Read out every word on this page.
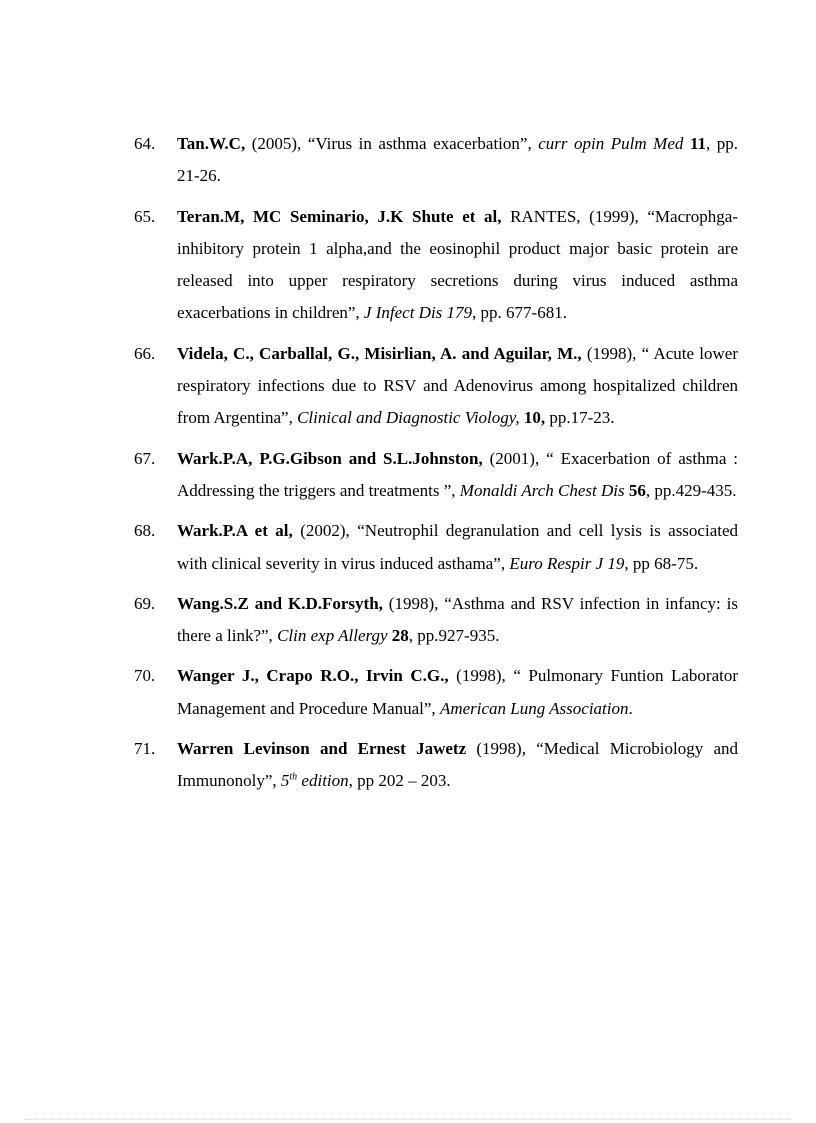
64.	Tan.W.C, (2005), “Virus in asthma exacerbation”, curr opin Pulm Med 11, pp. 21-26.
65.	Teran.M, MC Seminario, J.K Shute et al, RANTES, (1999), “Macrophga-inhibitory protein 1 alpha,and the eosinophil product major basic protein are released into upper respiratory secretions during virus induced asthma exacerbations in children”, J Infect Dis 179, pp. 677-681.
66.	Videla, C., Carballal, G., Misirlian, A. and Aguilar, M., (1998), “ Acute lower respiratory infections due to RSV and Adenovirus among hospitalized children from Argentina”, Clinical and Diagnostic Viology, 10, pp.17-23.
67.	Wark.P.A, P.G.Gibson and S.L.Johnston, (2001), “ Exacerbation of asthma : Addressing the triggers and treatments ”, Monaldi Arch Chest Dis 56, pp.429-435.
68.	Wark.P.A et al, (2002), “Neutrophil degranulation and cell lysis is associated with clinical severity in virus induced asthama”, Euro Respir J 19, pp 68-75.
69.	Wang.S.Z and K.D.Forsyth, (1998), “Asthma and RSV infection in infancy: is there a link?”, Clin exp Allergy 28, pp.927-935.
70.	Wanger J., Crapo R.O., Irvin C.G., (1998), “ Pulmonary Funtion Laborator Management and Procedure Manual”, American Lung Association.
71.	Warren Levinson and Ernest Jawetz (1998), “Medical Microbiology and Immunonoly”, 5th edition, pp 202 – 203.
